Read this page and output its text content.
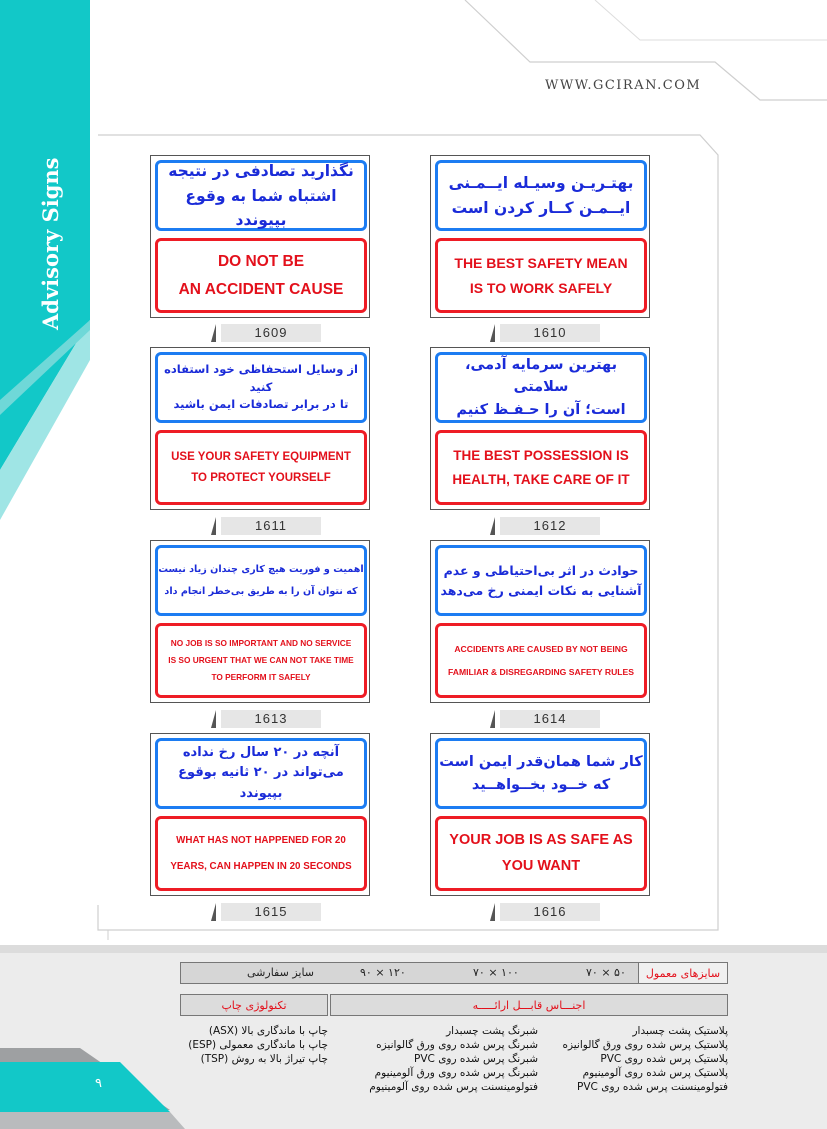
WWW.GCIRAN.COM
Advisory Signs	بهتـریـن وسیـله ایــمـنی
ایــمـن کــار کردن است
THE BEST SAFETY MEAN
IS TO WORK SAFELY
نگذارید تصادفی در نتیجه
اشتباه شما به وقوع بپیوندد
DO NOT BE
AN ACCIDENT CAUSE
1610
1609
بهترین سرمایه آدمی، سلامتی
است؛ آن را حـفـظ کنیم
THE BEST POSSESSION IS
HEALTH, TAKE CARE OF IT
از وسایل استحفاظی خود استفاده کنید
تا در برابر تصادفات ایمن باشید
USE YOUR SAFETY EQUIPMENT
TO PROTECT YOURSELF
1612
1611
حوادث در اثر بی‌احتیاطی و عدم
آشنایی به نکات ایمنی رخ می‌دهد
ACCIDENTS ARE CAUSED BY NOT BEING
FAMILIAR & DISREGARDING SAFETY RULES
اهمیت و فوریت هیچ کاری چندان زیاد نیست
که نتوان آن را به طریق بی‌خطر انجام داد
NO JOB IS SO IMPORTANT AND NO SERVICE
IS SO URGENT THAT WE CAN NOT TAKE TIME
TO PERFORM IT SAFELY
1614
1613
کار شما همان‌قدر ایمن است
که خــود بخــواهــید
YOUR JOB IS AS SAFE AS
YOU WANT
آنچه در ۲۰ سال رخ نداده
می‌تواند در ۲۰ ثانیه بوقوع بپیوندد
WHAT HAS NOT HAPPENED FOR 20
YEARS, CAN HAPPEN IN 20 SECONDS
1616
1615
سایزهای معمول
۵۰ × ۷۰
۱۰۰ × ۷۰
۱۲۰ × ۹۰
سایز سفارشی
اجنـــاس قابـــل ارائـــــه
تکنولوژی چاپ
پلاستیک پشت چسبدار
پلاستیک پرس شده روی ورق گالوانیزه
پلاستیک پرس شده روی PVC
پلاستیک پرس شده روی آلومینیوم
فتولومینسنت پرس شده روی PVC
شبرنگ پشت چسبدار
شبرنگ پرس شده روی ورق گالوانیزه
شبرنگ پرس شده روی PVC
شبرنگ پرس شده روی ورق آلومینیوم
فتولومینسنت پرس شده روی آلومینیوم
چاپ با ماندگاری بالا (ASX)
چاپ با ماندگاری معمولی (ESP)
چاپ تیراژ بالا به روش (TSP)
۹
